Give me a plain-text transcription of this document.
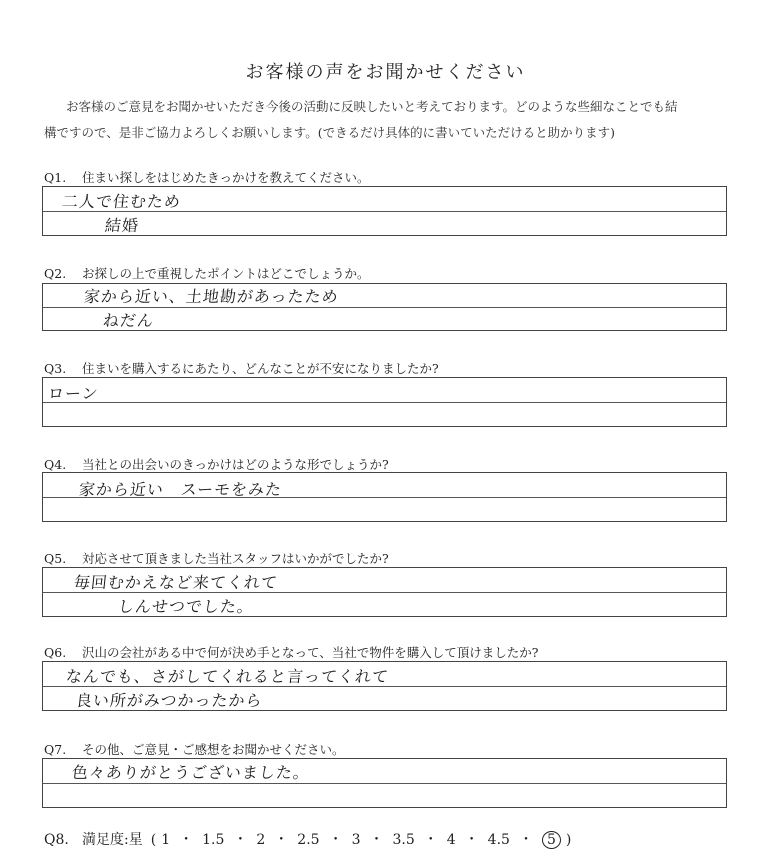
お客様の声をお聞かせください
お客様のご意見をお聞かせいただき今後の活動に反映したいと考えております。どのような些細なことでも結
構ですので、是非ご協力よろしくお願いします。(できるだけ具体的に書いていただけると助かります)
Q1. 住まい探しをはじめたきっかけを教えてください。
二人で住むため
結婚
Q2. お探しの上で重視したポイントはどこでしょうか。
家から近い、土地勘があったため
ねだん
Q3. 住まいを購入するにあたり、どんなことが不安になりましたか?
ローン
Q4. 当社との出会いのきっかけはどのような形でしょうか?
家から近い　スーモをみた
Q5. 対応させて頂きました当社スタッフはいかがでしたか?
毎回むかえなど来てくれて
しんせつでした。
Q6. 沢山の会社がある中で何が決め手となって、当社で物件を購入して頂けましたか?
なんでも、さがしてくれると言ってくれて
良い所がみつかったから
Q7. その他、ご意見・ご感想をお聞かせください。
色々ありがとうございました。
Q8. 満足度:星 ( 1 ・ 1.5 ・ 2 ・ 2.5 ・ 3 ・ 3.5 ・ 4 ・ 4.5 ・ 5 )
